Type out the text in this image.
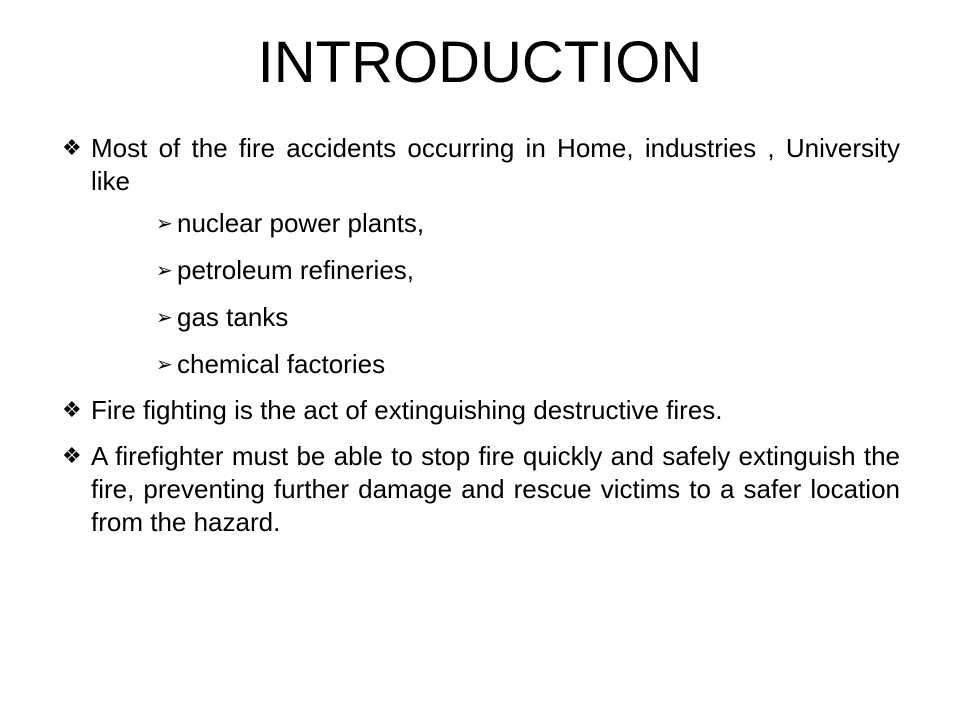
INTRODUCTION
❖ Most of the fire accidents occurring in Home, industries , University like
➢ nuclear power plants,
➢ petroleum refineries,
➢ gas tanks
➢ chemical factories
❖ Fire fighting is the act of extinguishing destructive fires.
❖ A firefighter must be able to stop fire quickly and safely extinguish the fire, preventing further damage and rescue victims to a safer location from the hazard.
